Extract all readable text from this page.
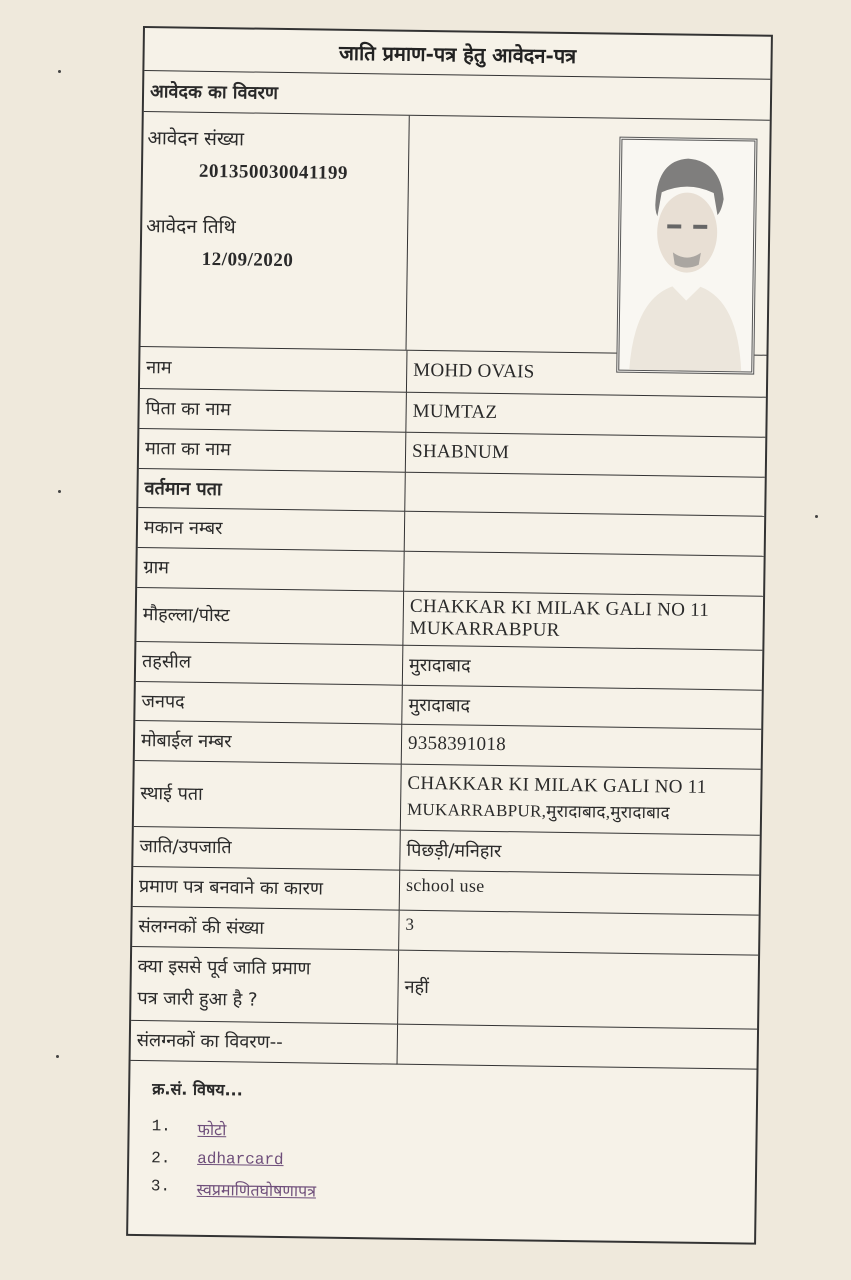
जाति प्रमाण-पत्र हेतु आवेदन-पत्र
आवेदक का विवरण
आवेदन संख्या
201350030041199
आवेदन तिथि
12/09/2020
नाम	MOHD OVAIS
पिता का नाम	MUMTAZ
माता का नाम	SHABNUM
वर्तमान पता	
मकान नम्बर	
ग्राम	
मौहल्ला/पोस्ट	CHAKKAR KI MILAK GALI NO 11
MUKARRABPUR

तहसील	मुरादाबाद
जनपद	मुरादाबाद
मोबाईल नम्बर	9358391018
स्थाई पता	CHAKKAR KI MILAK GALI NO 11
MUKARRABPUR,मुरादाबाद,मुरादाबाद

जाति/उपजाति	पिछड़ी/मनिहार
प्रमाण पत्र बनवाने का कारण	school use
संलग्नकों की संख्या	3

क्या इससे पूर्व जाति प्रमाण
पत्र जारी हुआ है ?	नहीं
संलग्नकों का विवरण--	
क्र.सं. विषय...
1.	फोटो
2.	adharcard
3.	स्वप्रमाणितघोषणापत्र
